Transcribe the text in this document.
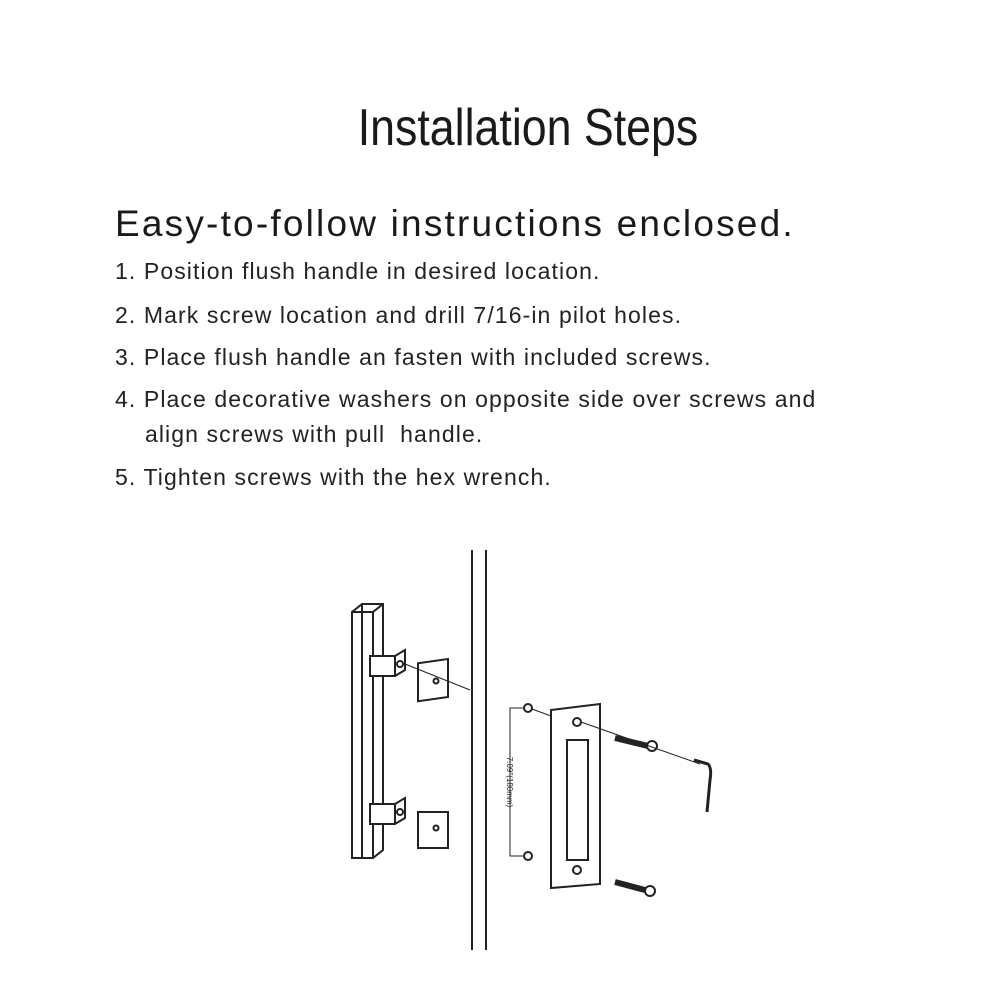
Installation Steps
Easy-to-follow instructions enclosed.
1. Position flush handle in desired location.
2. Mark screw location and drill 7/16-in pilot holes.
3. Place flush handle an fasten with included screws.
4. Place decorative washers on opposite side over screws and
align screws with pull  handle.
5. Tighten screws with the hex wrench.
7.09"(180mm)
